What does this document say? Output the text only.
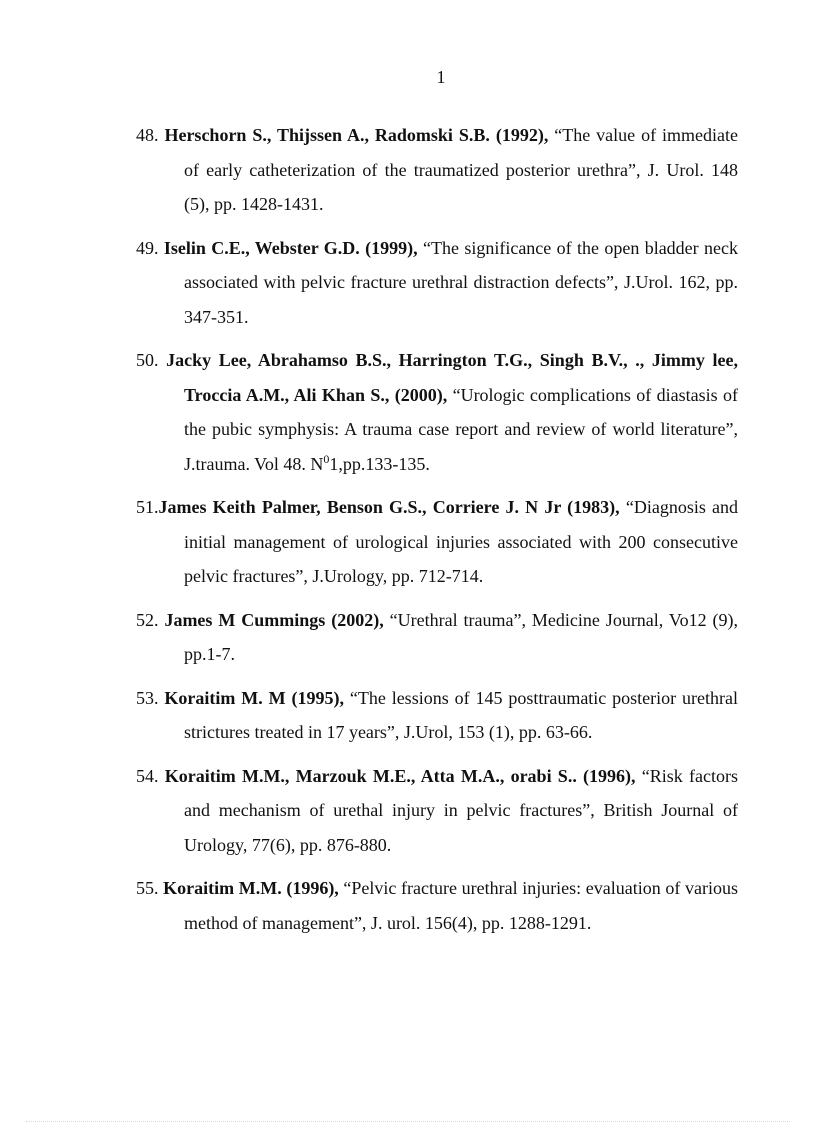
1

48. Herschorn S., Thijssen A., Radomski S.B. (1992), “The value of immediate of early catheterization of the traumatized posterior urethra”, J. Urol. 148 (5), pp. 1428-1431.

49. Iselin C.E., Webster G.D. (1999), “The significance of the open bladder neck associated with pelvic fracture urethral distraction defects”, J.Urol. 162, pp. 347-351.

50. Jacky Lee, Abrahamso B.S., Harrington T.G., Singh B.V., ., Jimmy lee, Troccia A.M., Ali Khan S., (2000), “Urologic complications of diastasis of the pubic symphysis: A trauma case report and review of world literature”, J.trauma. Vol 48. $N^01,pp.133-135$.

51.James Keith Palmer, Benson G.S., Corriere J. N Jr (1983), “Diagnosis and initial management of urological injuries associated with 200 consecutive pelvic fractures”, J.Urology, pp. 712-714.

52. James M Cummings (2002), “Urethral trauma”, Medicine Journal, Vo12 (9), pp.1-7.

53. Koraitim M. M (1995), “The lessions of 145 posttraumatic posterior urethral strictures treated in 17 years”, J.Urol, 153 (1), pp. 63-66.

54. Koraitim M.M., Marzouk M.E., Atta M.A., orabi S.. (1996), “Risk factors and mechanism of urethal injury in pelvic fractures”, British Journal of Urology, 77(6), pp. 876-880.

55. Koraitim M.M. (1996), “Pelvic fracture urethral injuries: evaluation of various method of management”, J. urol. 156(4), pp. 1288-1291.
